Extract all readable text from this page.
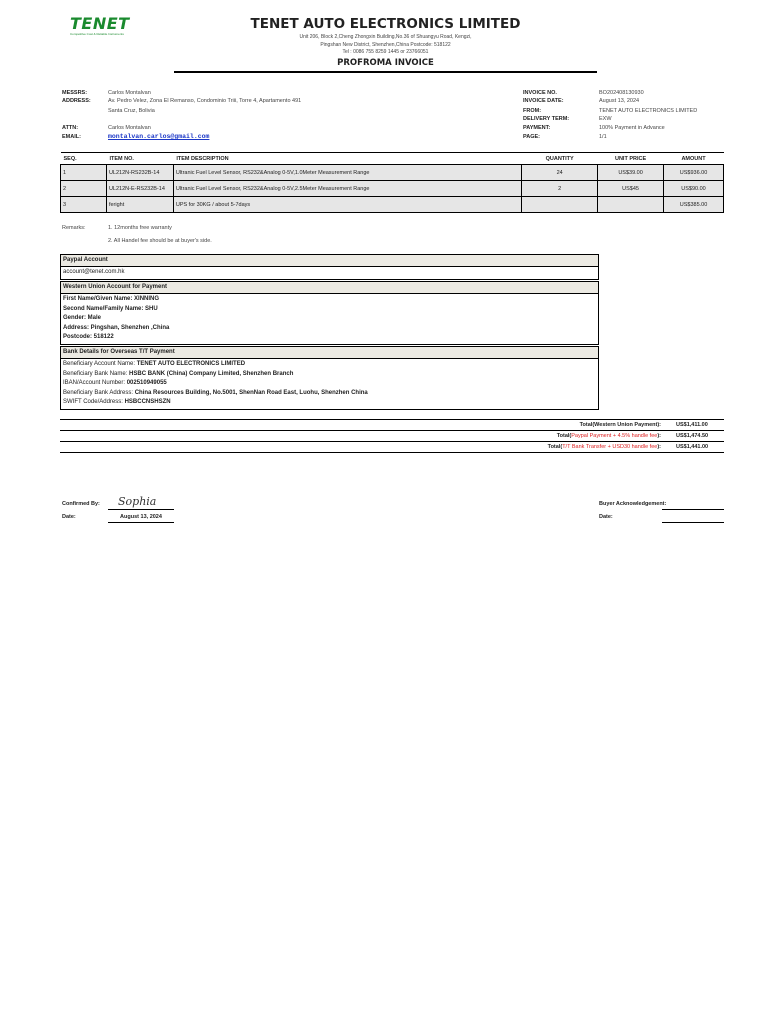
TENET
Competitive Cost & Reliable Instruments
TENET AUTO ELECTRONICS LIMITED
Unit 206, Block 2,Cheng Zhongxin Building,No.36 of Shuangyu Road, Kengzi,
Pingshan New District, Shenzhen,China Postcode: 518122
Tel : 0086 755 8259 1445 or 23766051
PROFROMA INVOICE
MESSRS:	Carlos Montalvan
ADDRESS:	Av. Pedro Velez, Zona El Remanso, Condominio Triii, Torre 4, Apartamento 491
Santa Cruz, Bolivia
ATTN:	Carlos Montalvan
EMAIL:	montalvan.carlos@gmail.com
INVOICE NO.	BO202408130930
INVOICE DATE:	August 13, 2024
FROM:	TENET AUTO ELECTRONICS LIMITED
DELIVERY TERM:	EXW
PAYMENT:	100% Payment in Advance
PAGE:	1/1
SEQ.	ITEM NO.	ITEM DESCRIPTION	QUANTITY	UNIT PRICE	AMOUNT
1	UL212N-RS232B-14	Ultranic Fuel Level Sensor, RS232&Analog 0-5V,1.0Meter Measurement Range	24	US$39.00	US$936.00
2	UL212N-E-RS232B-14	Ultranic Fuel Level Sensor, RS232&Analog 0-5V,2.5Meter Measurement Range	2	US$45	US$90.00
3	feright	UPS for 30KG / about 5-7days			US$385.00
Remarks:	1. 12months free warranty
2. All Handel fee should be at buyer's side.
Paypal Account
account@tenet.com.hk
Western Union Account for Payment
First Name/Given Name: XINNING
Second Name/Family Name: SHU
Gender: Male
Address: Pingshan, Shenzhen ,China
Postcode: 518122
Bank Details for Overseas T/T Payment
Beneficiary Account Name: TENET AUTO ELECTRONICS LIMITED
Beneficiary Bank Name: HSBC BANK (China) Company Limited, Shenzhen Branch
IBAN/Account Number: 002510949055
Beneficiary Bank Address: China Resources Building, No.5001, ShenNan Road East, Luohu, Shenzhen China
SWIFT Code/Address: HSBCCNSHSZN
Total(Western Union Payment):	US$1,411.00
Total(Paypal Payment + 4.5% handle fee):	US$1,474.50
Total(T/T Bank Transfer + USD30 handle fee):	US$1,441.00
Confirmed By: Sophia
Date:	August 13, 2024
Buyer Acknowledgement:
Date:
